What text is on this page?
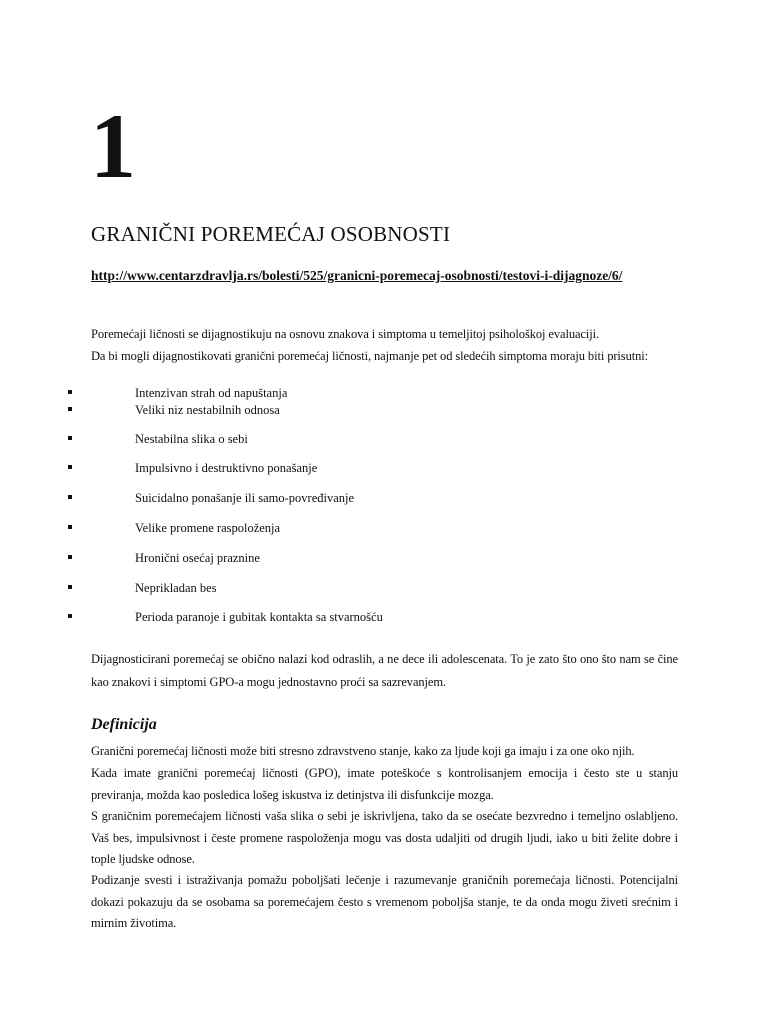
1
GRANIČNI POREMEĆAJ OSOBNOSTI
http://www.centarzdravlja.rs/bolesti/525/granicni-poremecaj-osobnosti/testovi-i-dijagnoze/6/

Poremećaji ličnosti se dijagnostikuju na osnovu znakova i simptoma u temeljitoj psihološkoj evaluaciji.

Da bi mogli dijagnostikovati granični poremećaj ličnosti, najmanje pet od sledećih simptoma moraju biti prisutni:

Intenzivan strah od napuštanja
Veliki niz nestabilnih odnosa
Nestabilna slika o sebi
Impulsivno i destruktivno ponašanje
Suicidalno ponašanje ili samo-povređivanje
Velike promene raspoloženja
Hronični osećaj praznine
Neprikladan bes
Perioda paranoje i gubitak kontakta sa stvarnošću

Dijagnosticirani poremećaj se obično nalazi kod odraslih, a ne dece ili adolescenata. To je zato što ono što nam se čine kao znakovi i simptomi GPO-a mogu jednostavno proći sa sazrevanjem.

Definicija

Granični poremećaj ličnosti može biti stresno zdravstveno stanje, kako za ljude koji ga imaju i za one oko njih.

Kada imate granični poremećaj ličnosti (GPO), imate poteškoće s kontrolisanjem emocija i često ste u stanju previranja, možda kao posledica lošeg iskustva iz detinjstva ili disfunkcije mozga.

S graničnim poremećajem ličnosti vaša slika o sebi je iskrivljena, tako da se osećate bezvredno i temeljno oslabljeno. Vaš bes, impulsivnost i česte promene raspoloženja mogu vas dosta udaljiti od drugih ljudi, iako u biti želite dobre i tople ljudske odnose.

Podizanje svesti i istraživanja pomažu poboljšati lečenje i razumevanje graničnih poremećaja ličnosti. Potencijalni dokazi pokazuju da se osobama sa poremećajem često s vremenom poboljša stanje, te da onda mogu živeti srećnim i mirnim životima.
